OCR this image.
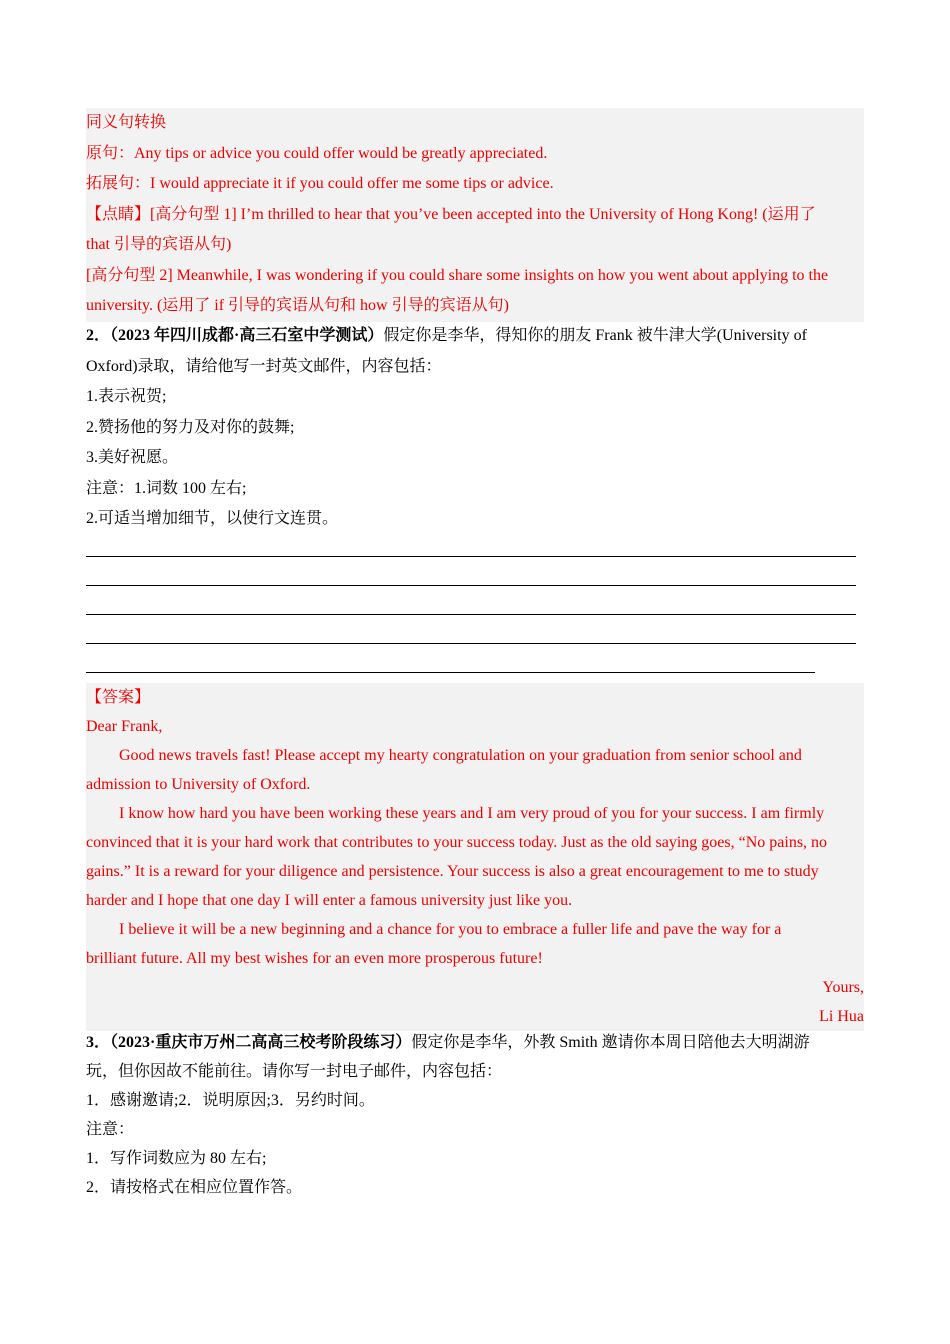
同义句转换
原句：Any tips or advice you could offer would be greatly appreciated.
拓展句：I would appreciate it if you could offer me some tips or advice.
【点睛】[高分句型 1] I’m thrilled to hear that you’ve been accepted into the University of Hong Kong! (运用了
that 引导的宾语从句)
[高分句型 2] Meanwhile, I was wondering if you could share some insights on how you went about applying to the
university. (运用了 if 引导的宾语从句和 how 引导的宾语从句)
2．（2023 年四川成都·高三石室中学测试）假定你是李华，得知你的朋友 Frank 被牛津大学(University of
Oxford)录取，请给他写一封英文邮件，内容包括：
1.表示祝贺;
2.赞扬他的努力及对你的鼓舞;
3.美好祝愿。
注意：1.词数 100 左右;
2.可适当增加细节，以使行文连贯。
【答案】
Dear Frank,
Good news travels fast! Please accept my hearty congratulation on your graduation from senior school and
admission to University of Oxford.
I know how hard you have been working these years and I am very proud of you for your success. I am firmly
convinced that it is your hard work that contributes to your success today. Just as the old saying goes, “No pains, no
gains.” It is a reward for your diligence and persistence. Your success is also a great encouragement to me to study
harder and I hope that one day I will enter a famous university just like you.
I believe it will be a new beginning and a chance for you to embrace a fuller life and pave the way for a
brilliant future. All my best wishes for an even more prosperous future!
Yours,
Li Hua
3．（2023·重庆市万州二高高三校考阶段练习）假定你是李华，外教 Smith 邀请你本周日陪他去大明湖游
玩，但你因故不能前往。请你写一封电子邮件，内容包括：
1．感谢邀请;2．说明原因;3．另约时间。
注意：
1．写作词数应为 80 左右;
2．请按格式在相应位置作答。
